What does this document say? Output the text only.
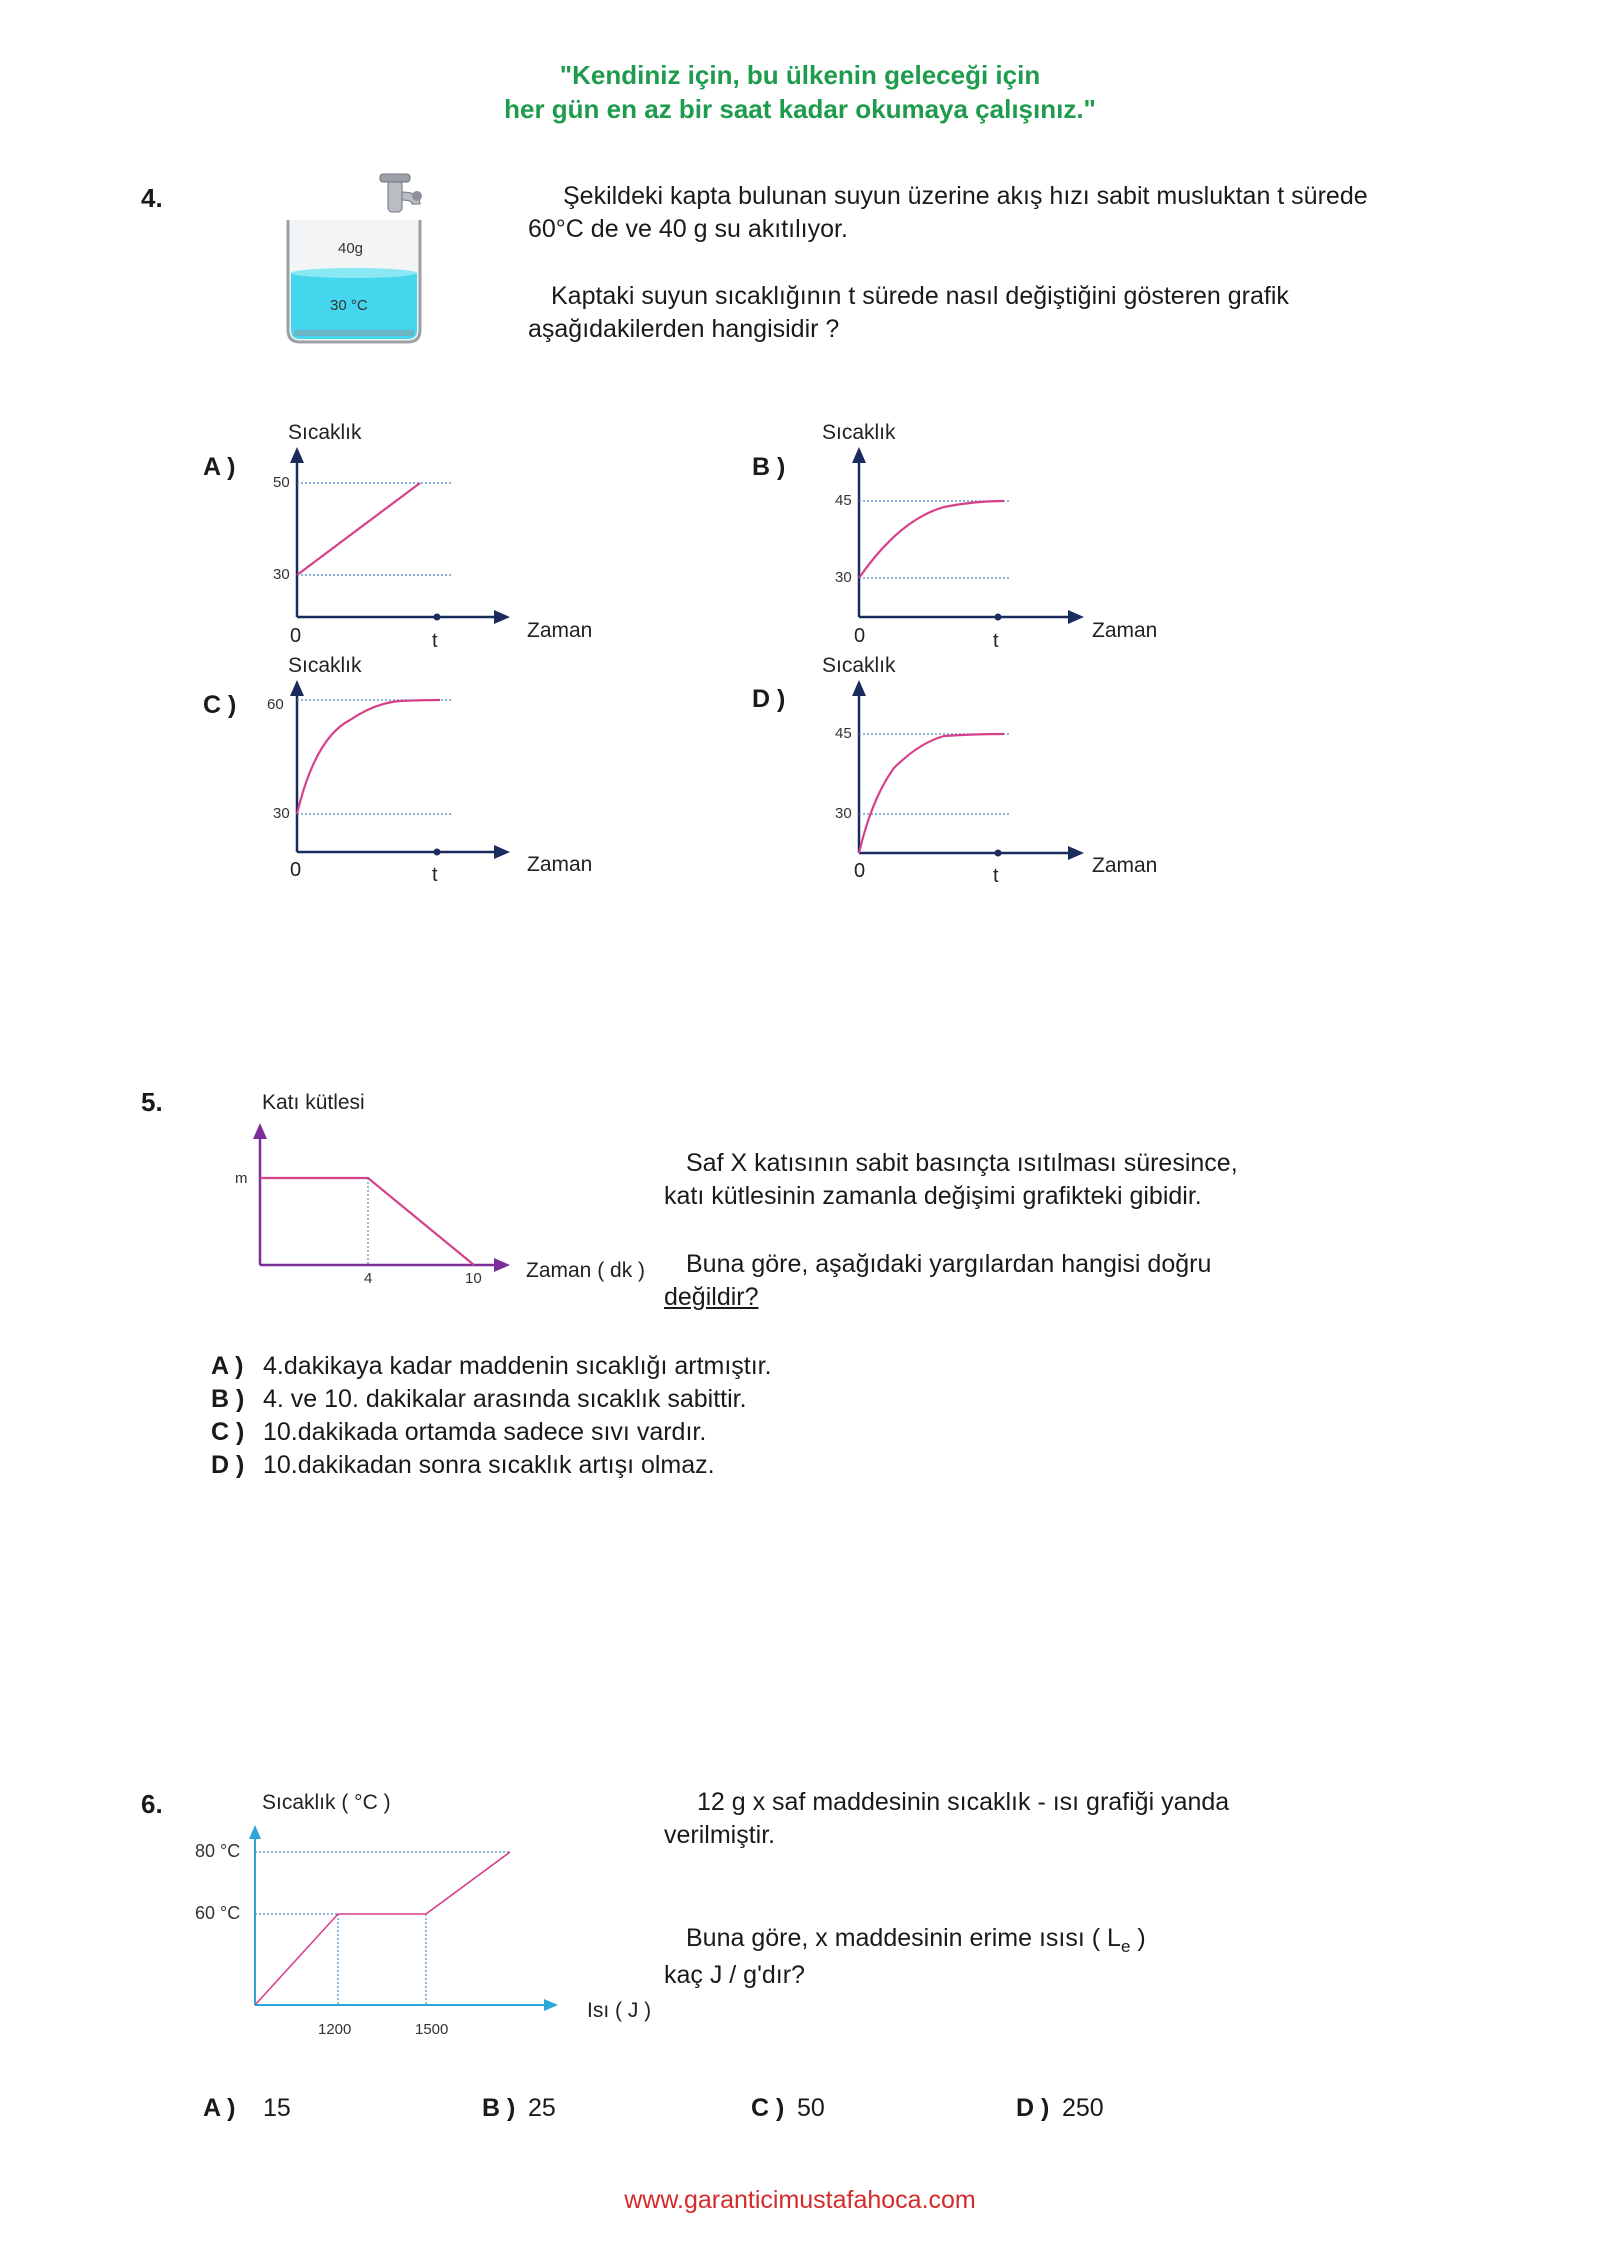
"Kendiniz için, bu ülkenin geleceği için
her gün en az bir saat kadar okumaya çalışınız."
4.
40g
30 °C
Şekildeki kapta bulunan suyun üzerine akış hızı sabit musluktan t sürede
60°C de ve 40 g su akıtılıyor.
Kaptaki suyun sıcaklığının t sürede nasıl değiştiğini gösteren grafik
aşağıdakilerden hangisidir ?
A )
Sıcaklık
50
30
0	t	Zaman
B )
Sıcaklık
45
30
0	t	Zaman
C )
Sıcaklık
60
30
0	t	Zaman
D )
Sıcaklık
45
30
0	t	Zaman
5.	Katı kütlesi
m
4	10 Zaman ( dk )
Saf X katısının sabit basınçta ısıtılması süresince,
katı kütlesinin zamanla değişimi grafikteki gibidir.
Buna göre, aşağıdaki yargılardan hangisi doğru
değildir?
A ) 4.dakikaya kadar maddenin sıcaklığı artmıştır.
B ) 4. ve 10. dakikalar arasında sıcaklık sabittir.
C ) 10.dakikada ortamda sadece sıvı vardır.
D ) 10.dakikadan sonra sıcaklık artışı olmaz.
6.	Sıcaklık ( °C )
80 °C
60 °C
1200	1500
Isı ( J )
12 g x saf maddesinin sıcaklık - ısı grafiği yanda
verilmiştir.
Buna göre, x maddesinin erime ısısı ( $L_e$ )
kaç J / g'dır?
A ) 15	B ) 25	C ) 50	D ) 250
www.garanticimustafahoca.com
